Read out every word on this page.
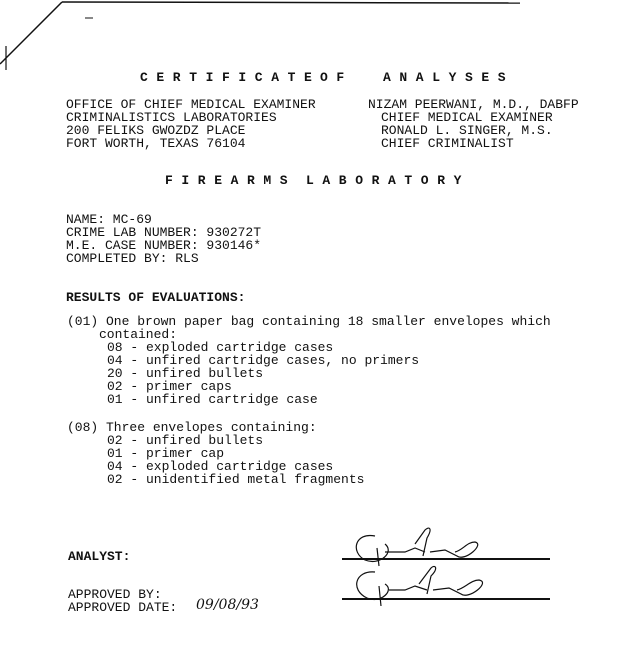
CERTIFICATE OF ANALYSES
OFFICE OF CHIEF MEDICAL EXAMINER
CRIMINALISTICS LABORATORIES
200 FELIKS GWOZDZ PLACE
FORT WORTH, TEXAS 76104
NIZAM PEERWANI, M.D., DABFP
CHIEF MEDICAL EXAMINER
RONALD L. SINGER, M.S.
CHIEF CRIMINALIST
FIREARMS LABORATORY
NAME: MC-69
CRIME LAB NUMBER: 930272T
M.E. CASE NUMBER: 930146*
COMPLETED BY: RLS
RESULTS OF EVALUATIONS:
(01) One brown paper bag containing 18 smaller envelopes which
contained:
08 - exploded cartridge cases
04 - unfired cartridge cases, no primers
20 - unfired bullets
02 - primer caps
01 - unfired cartridge case
(08) Three envelopes containing:
02 - unfired bullets
01 - primer cap
04 - exploded cartridge cases
02 - unidentified metal fragments
ANALYST:
APPROVED BY:
APPROVED DATE: 09/08/93
